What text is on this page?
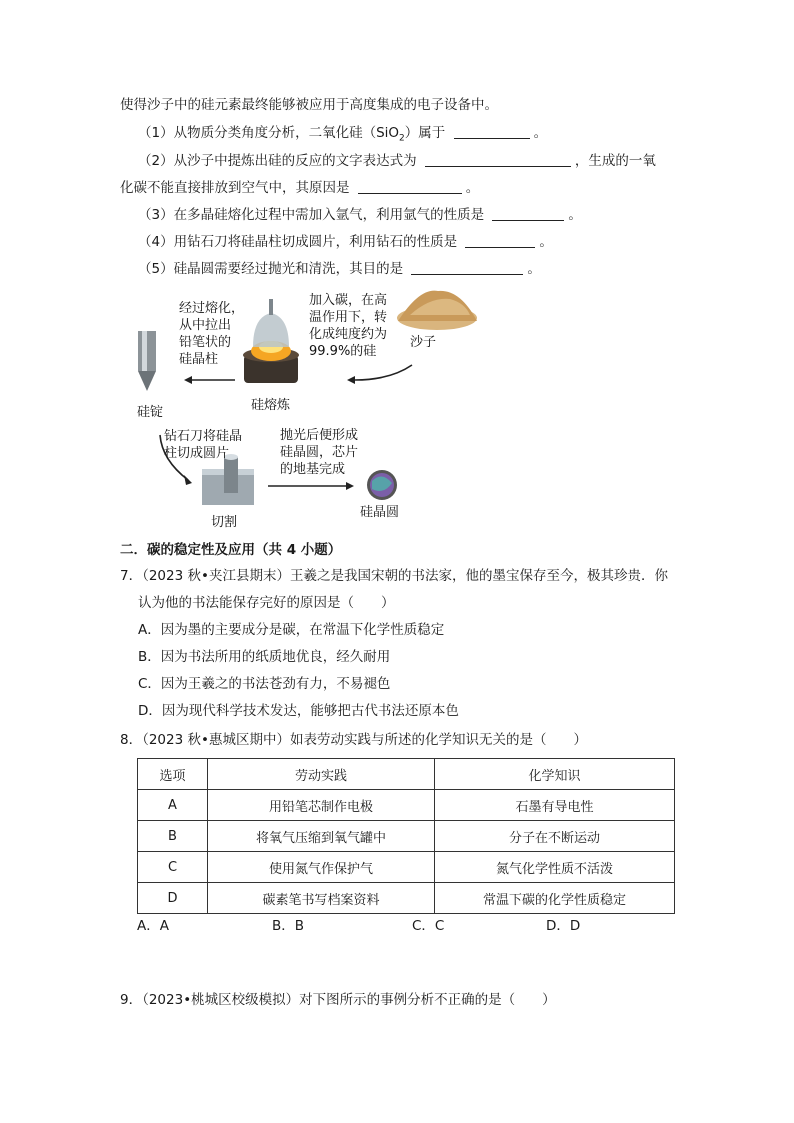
使得沙子中的硅元素最终能够被应用于高度集成的电子设备中。
（1）从物质分类角度分析，二氧化硅（SiO$_2$）属于	。
（2）从沙子中提炼出硅的反应的文字表达式为	，生成的一氧
化碳不能直接排放到空气中，其原因是	。
（3）在多晶硅熔化过程中需加入氩气，利用氩气的性质是	。
（4）用钻石刀将硅晶柱切成圆片，利用钻石的性质是	。
（5）硅晶圆需要经过抛光和清洗，其目的是	。
经过熔化，
从中拉出
铅笔状的
硅晶柱
加入碳，在高
温作用下，转
化成纯度约为
99.9%的硅
沙子
硅熔炼
硅锭
钻石刀将硅晶
柱切成圆片
抛光后便形成
硅晶圆，芯片
的地基完成
切割
硅晶圆
二．碳的稳定性及应用（共 4 小题）
7．（2023 秋•夹江县期末）王羲之是我国宋朝的书法家，他的墨宝保存至今，极其珍贵．你
认为他的书法能保存完好的原因是（　　）
A．因为墨的主要成分是碳，在常温下化学性质稳定
B．因为书法所用的纸质地优良，经久耐用
C．因为王羲之的书法苍劲有力，不易褪色
D．因为现代科学技术发达，能够把古代书法还原本色
8．（2023 秋•惠城区期中）如表劳动实践与所述的化学知识无关的是（　　）
选项	劳动实践	化学知识
A	用铅笔芯制作电极	石墨有导电性
B	将氧气压缩到氧气罐中	分子在不断运动
C	使用氮气作保护气	氮气化学性质不活泼
D	碳素笔书写档案资料	常温下碳的化学性质稳定
A．A	B．B	C．C	D．D
9．（2023•桃城区校级模拟）对下图所示的事例分析不正确的是（　　）
